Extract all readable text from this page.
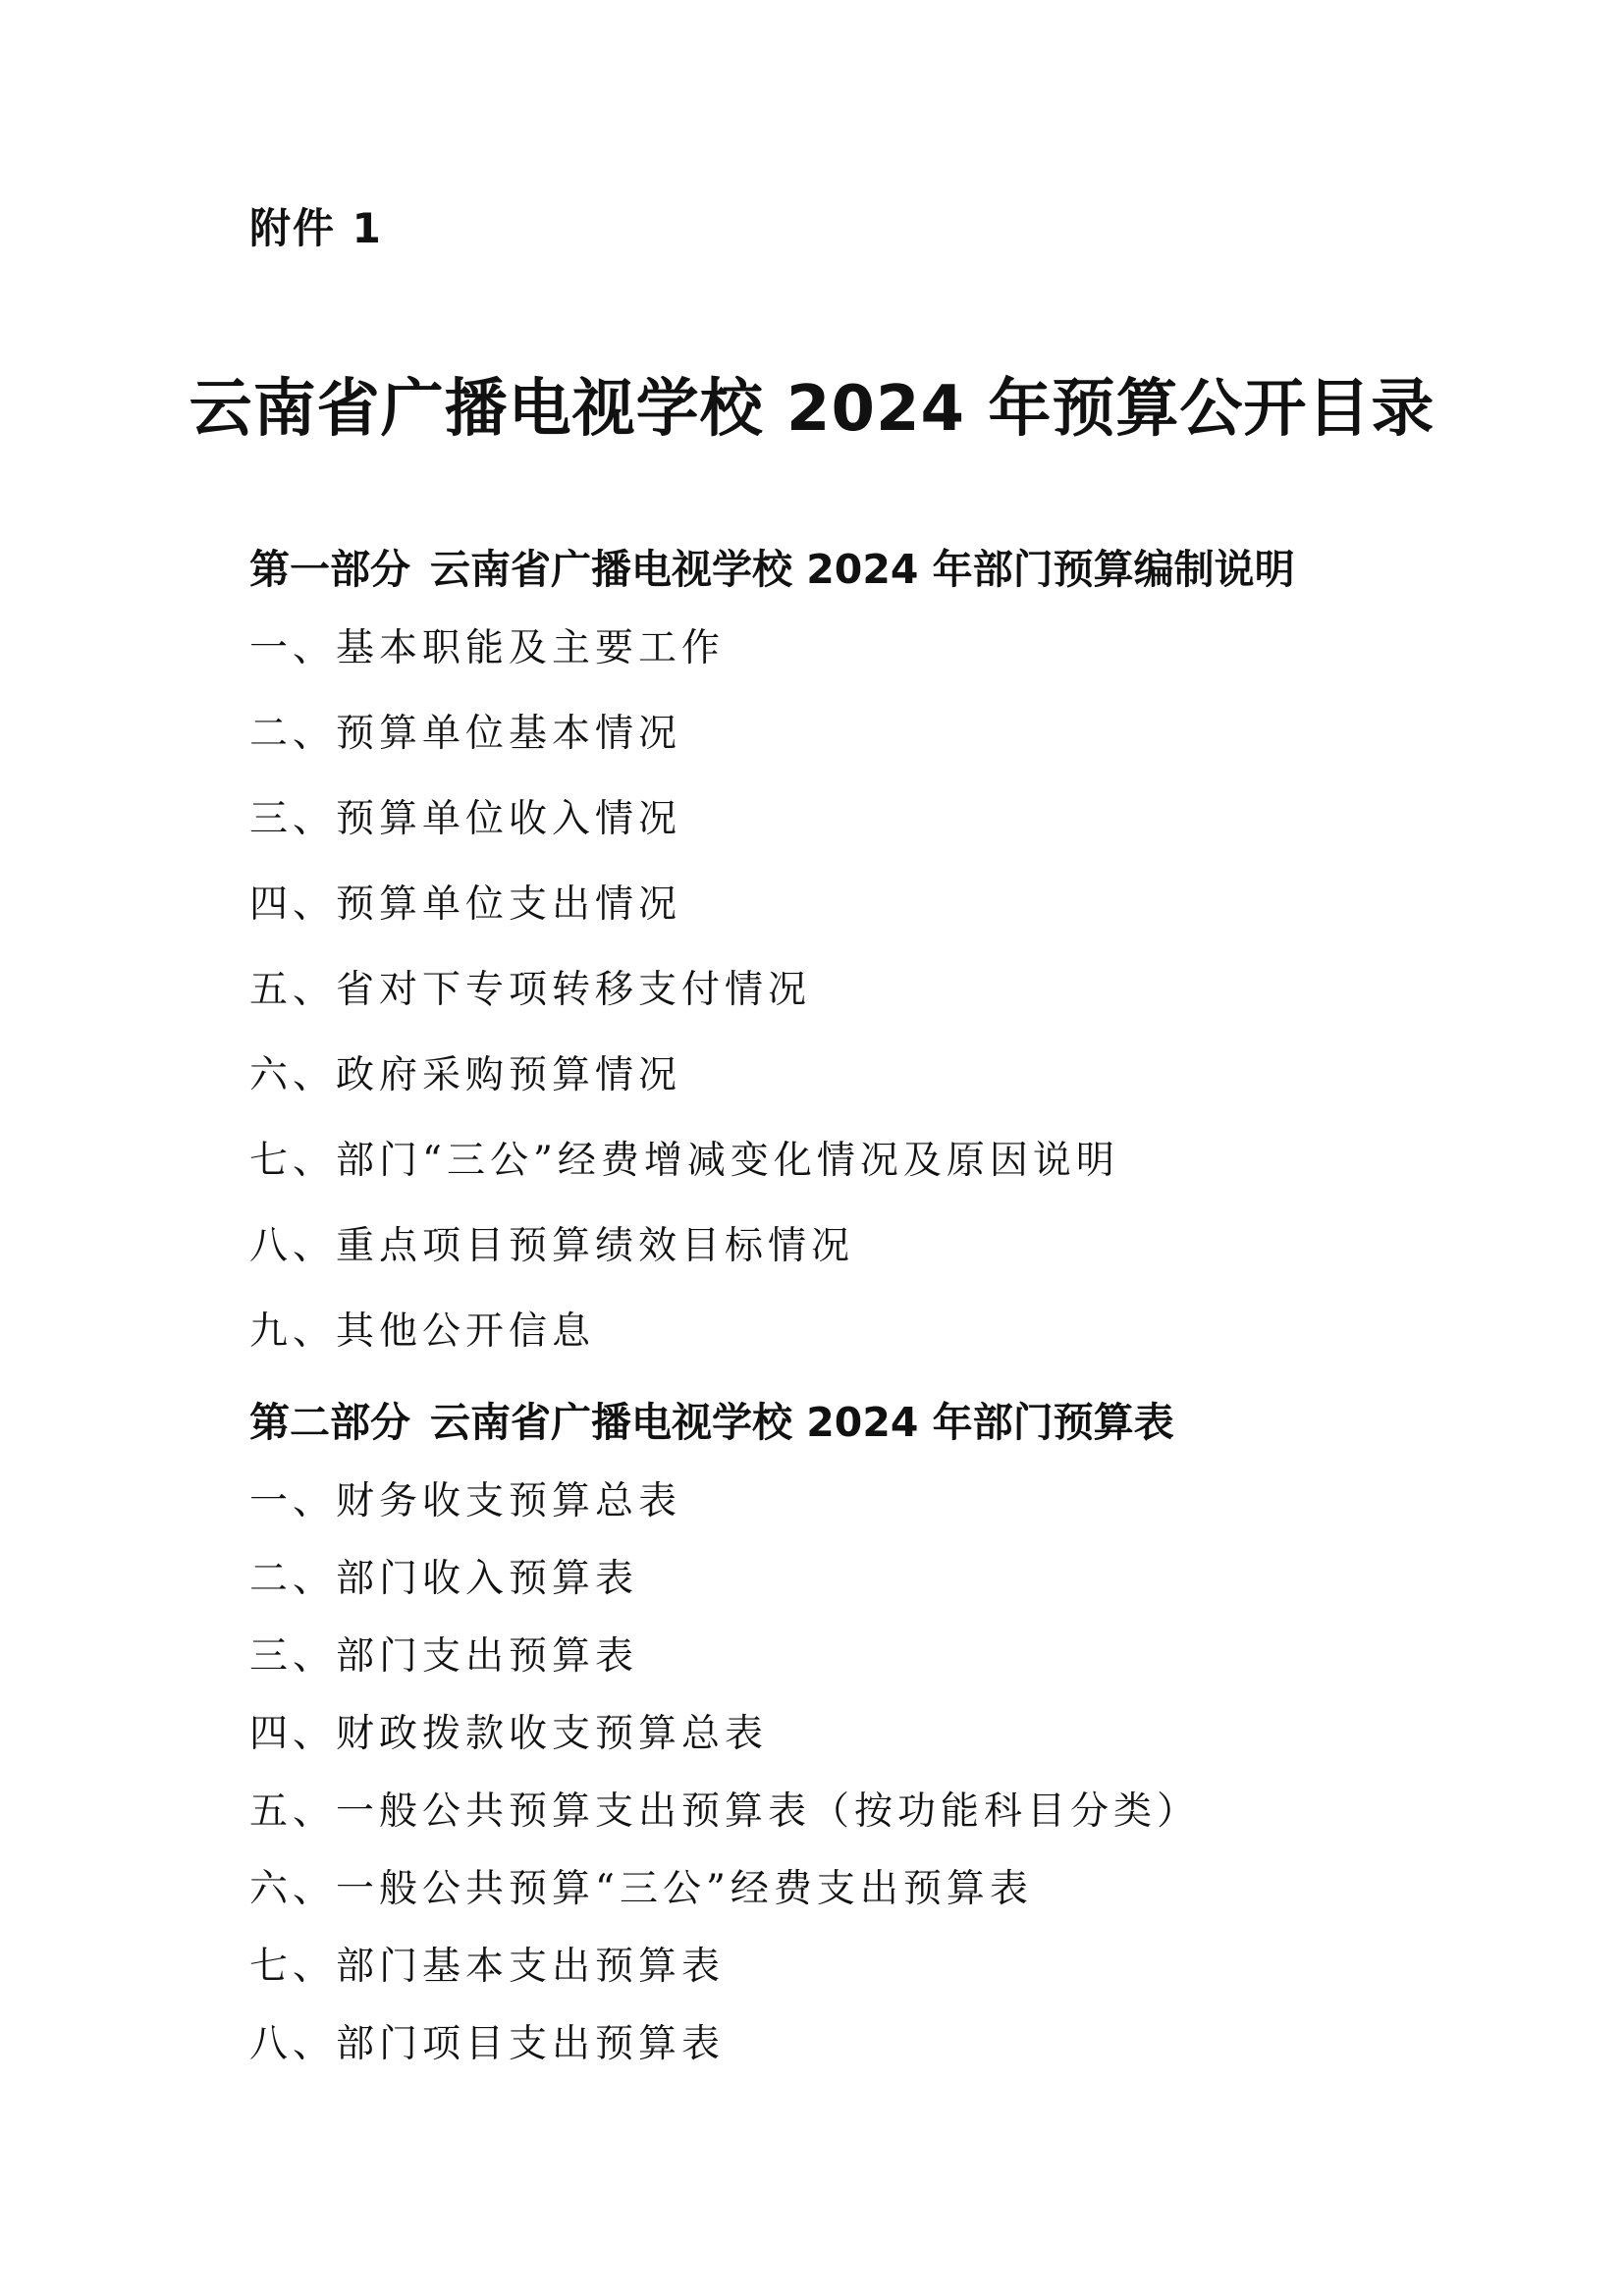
附件 1
云南省广播电视学校 2024 年预算公开目录
第一部分 云南省广播电视学校 2024 年部门预算编制说明
一、基本职能及主要工作
二、预算单位基本情况
三、预算单位收入情况
四、预算单位支出情况
五、省对下专项转移支付情况
六、政府采购预算情况
七、部门“三公”经费增减变化情况及原因说明
八、重点项目预算绩效目标情况
九、其他公开信息
第二部分 云南省广播电视学校 2024 年部门预算表
一、财务收支预算总表
二、部门收入预算表
三、部门支出预算表
四、财政拨款收支预算总表
五、一般公共预算支出预算表（按功能科目分类）
六、一般公共预算“三公”经费支出预算表
七、部门基本支出预算表
八、部门项目支出预算表
